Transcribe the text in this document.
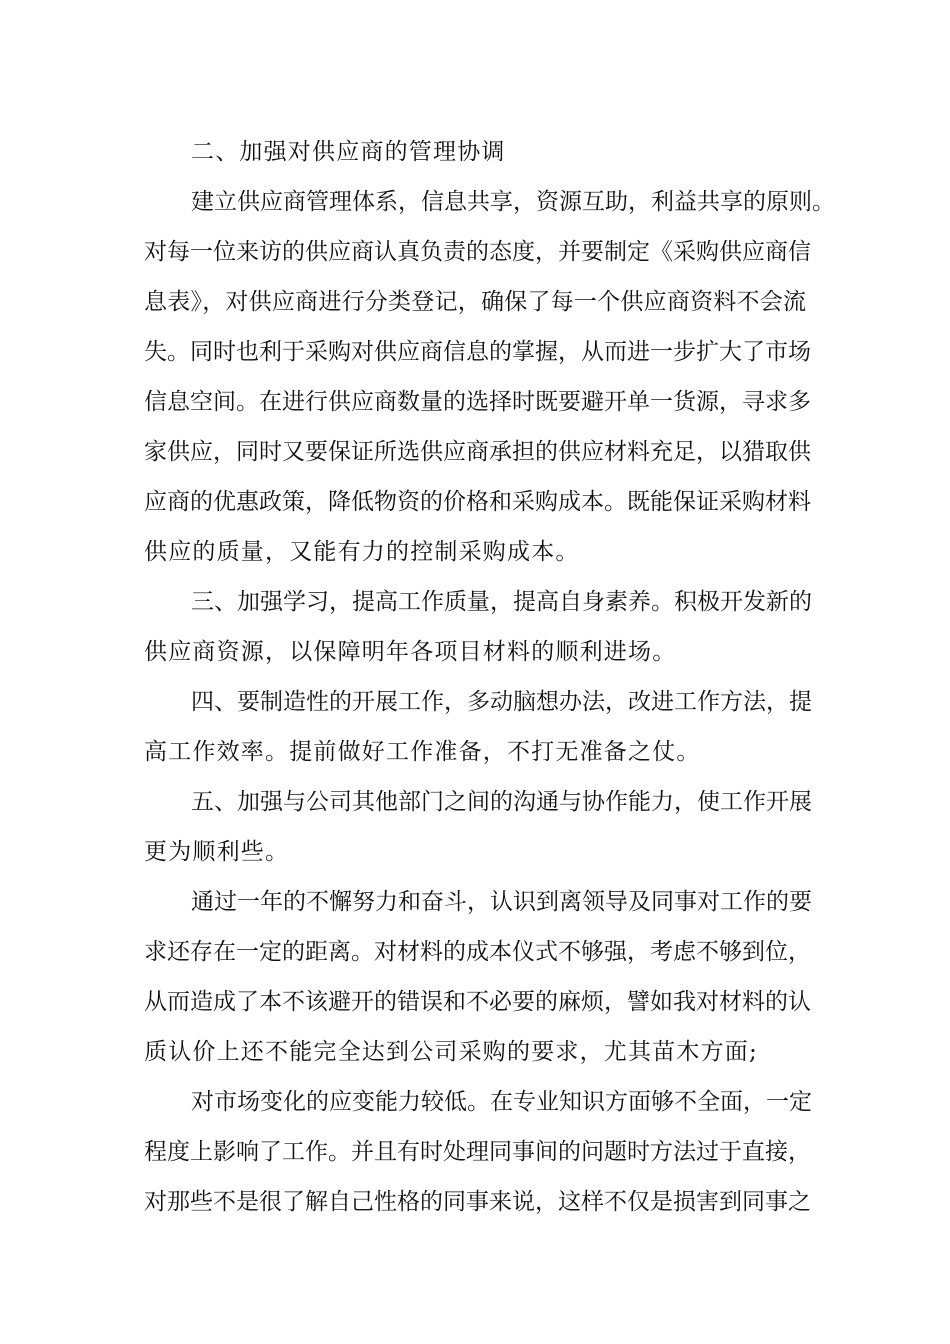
二、加强对供应商的管理协调

建立供应商管理体系，信息共享，资源互助，利益共享的原则。

对每一位来访的供应商认真负责的态度，并要制定《采购供应商信

息表》，对供应商进行分类登记，确保了每一个供应商资料不会流

失。同时也利于采购对供应商信息的掌握，从而进一步扩大了市场

信息空间。在进行供应商数量的选择时既要避开单一货源，寻求多

家供应，同时又要保证所选供应商承担的供应材料充足，以猎取供

应商的优惠政策，降低物资的价格和采购成本。既能保证采购材料

供应的质量，又能有力的控制采购成本。

三、加强学习，提高工作质量，提高自身素养。积极开发新的

供应商资源，以保障明年各项目材料的顺利进场。

四、要制造性的开展工作，多动脑想办法，改进工作方法，提

高工作效率。提前做好工作准备，不打无准备之仗。

五、加强与公司其他部门之间的沟通与协作能力，使工作开展

更为顺利些。

通过一年的不懈努力和奋斗，认识到离领导及同事对工作的要

求还存在一定的距离。对材料的成本仪式不够强，考虑不够到位，

从而造成了本不该避开的错误和不必要的麻烦，譬如我对材料的认

质认价上还不能完全达到公司采购的要求，尤其苗木方面;

对市场变化的应变能力较低。在专业知识方面够不全面，一定

程度上影响了工作。并且有时处理同事间的问题时方法过于直接，

对那些不是很了解自己性格的同事来说，这样不仅是损害到同事之
